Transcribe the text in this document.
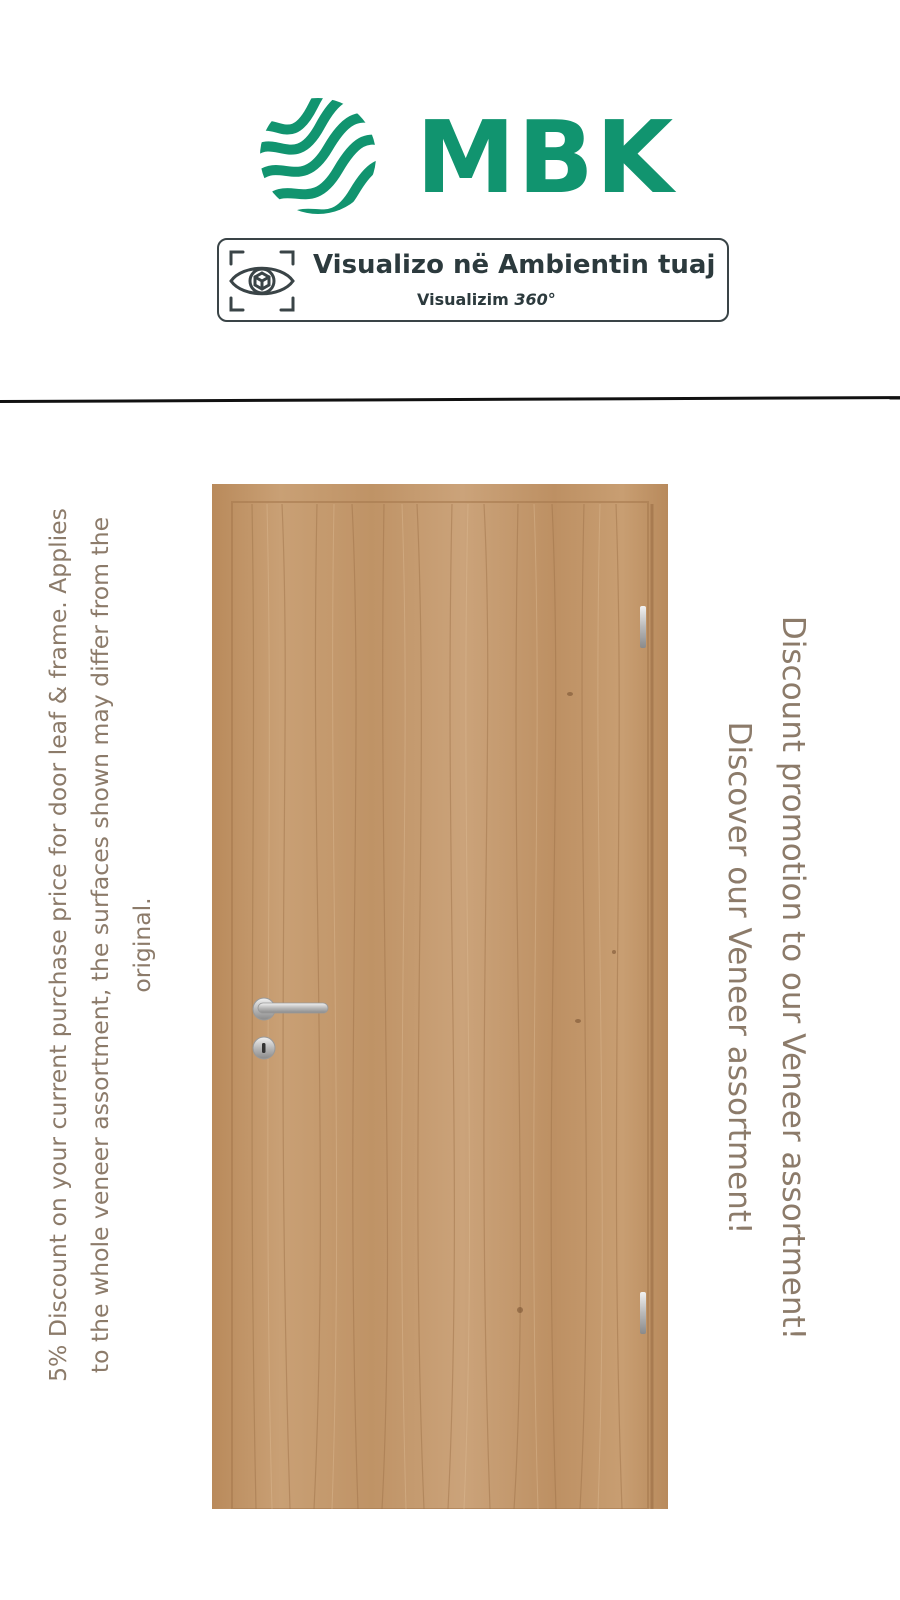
MBK
Visualizo në Ambientin tuaj
Visualizim 360°
5% Discount on your current purchase price for door leaf & frame. Applies to the whole veneer assortment, the surfaces shown may differ from the original.	Discount promotion to our Veneer assortment!
Discover our Veneer assortment!
